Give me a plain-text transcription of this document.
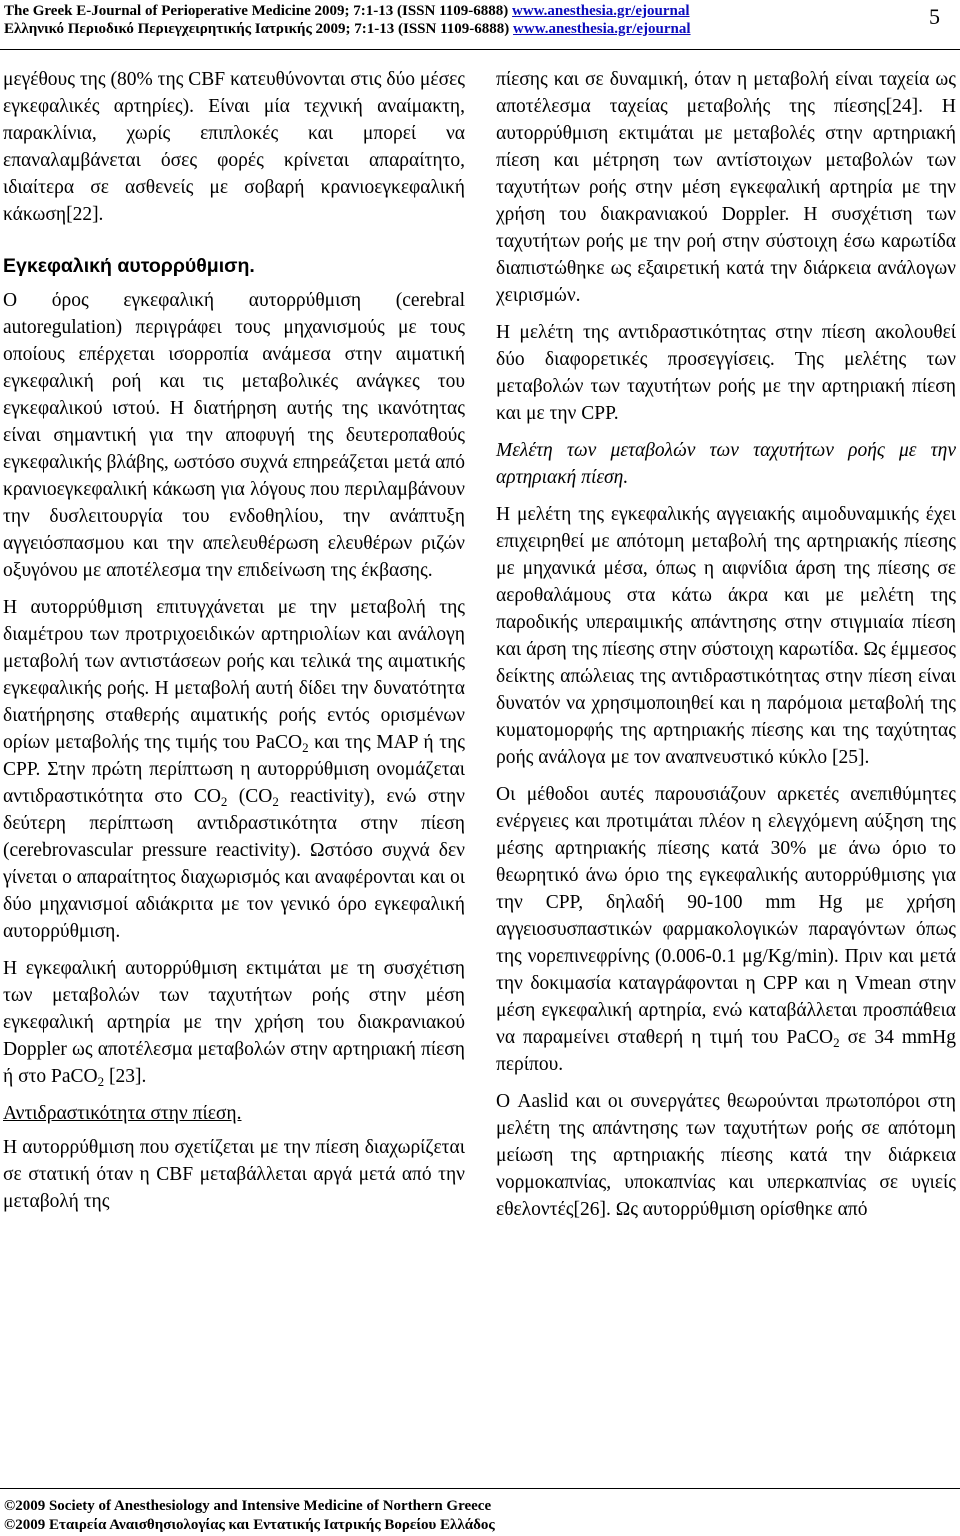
The Greek E-Journal of Perioperative Medicine 2009; 7:1-13 (ISSN 1109-6888) www.anesthesia.gr/ejournal
Ελληνικό Περιοδικό Περιεγχειρητικής Ιατρικής 2009; 7:1-13 (ISSN 1109-6888) www.anesthesia.gr/ejournal	5

μεγέθους της (80% της CBF κατευθύνονται στις δύο μέσες εγκεφαλικές αρτηρίες). Είναι μία τεχνική αναίμακτη, παρακλίνια, χωρίς επιπλοκές και μπορεί να επαναλαμβάνεται όσες φορές κρίνεται απαραίτητο, ιδιαίτερα σε ασθενείς με σοβαρή κρανιοεγκεφαλική κάκωση[22].

Εγκεφαλική αυτορρύθμιση.

Ο όρος εγκεφαλική αυτορρύθμιση (cerebral autoregulation) περιγράφει τους μηχανισμούς με τους οποίους επέρχεται ισορροπία ανάμεσα στην αιματική εγκεφαλική ροή και τις μεταβολικές ανάγκες του εγκεφαλικού ιστού. Η διατήρηση αυτής της ικανότητας είναι σημαντική για την αποφυγή της δευτεροπαθούς εγκεφαλικής βλάβης, ωστόσο συχνά επηρεάζεται μετά από κρανιοεγκεφαλική κάκωση για λόγους που περιλαμβάνουν την δυσλειτουργία του ενδοθηλίου, την ανάπτυξη αγγειόσπασμου και την απελευθέρωση ελευθέρων ριζών οξυγόνου με αποτέλεσμα την επιδείνωση της έκβασης.

Η αυτορρύθμιση επιτυγχάνεται με την μεταβολή της διαμέτρου των προτριχοειδικών αρτηριολίων και ανάλογη μεταβολή των αντιστάσεων ροής και τελικά της αιματικής εγκεφαλικής ροής. Η μεταβολή αυτή δίδει την δυνατότητα διατήρησης σταθερής αιματικής ροής εντός ορισμένων ορίων μεταβολής της τιμής του PaCO$_2$ και της MAP ή της CPP. Στην πρώτη περίπτωση η αυτορρύθμιση ονομάζεται αντιδραστικότητα στο $CO_2$ ($CO_2$ reactivity), ενώ στην δεύτερη περίπτωση αντιδραστικότητα στην πίεση (cerebrovascular pressure reactivity). Ωστόσο συχνά δεν γίνεται ο απαραίτητος διαχωρισμός και αναφέρονται και οι δύο μηχανισμοί αδιάκριτα με τον γενικό όρο εγκεφαλική αυτορρύθμιση.

Η εγκεφαλική αυτορρύθμιση εκτιμάται με τη συσχέτιση των μεταβολών των ταχυτήτων ροής στην μέση εγκεφαλική αρτηρία με την χρήση του διακρανιακού Doppler ως αποτέλεσμα μεταβολών στην αρτηριακή πίεση ή στο PaCO$_2$ [23].

Αντιδραστικότητα στην πίεση.

Η αυτορρύθμιση που σχετίζεται με την πίεση διαχωρίζεται σε στατική όταν η CBF μεταβάλλεται αργά μετά από την μεταβολή της

πίεσης και σε δυναμική, όταν η μεταβολή είναι ταχεία ως αποτέλεσμα ταχείας μεταβολής της πίεσης[24]. Η αυτορρύθμιση εκτιμάται με μεταβολές στην αρτηριακή πίεση και μέτρηση των αντίστοιχων μεταβολών των ταχυτήτων ροής στην μέση εγκεφαλική αρτηρία με την χρήση του διακρανιακού Doppler. Η συσχέτιση των ταχυτήτων ροής με την ροή στην σύστοιχη έσω καρωτίδα διαπιστώθηκε ως εξαιρετική κατά την διάρκεια ανάλογων χειρισμών.

Η μελέτη της αντιδραστικότητας στην πίεση ακολουθεί δύο διαφορετικές προσεγγίσεις. Της μελέτης των μεταβολών των ταχυτήτων ροής με την αρτηριακή πίεση και με την CPP.

Μελέτη των μεταβολών των ταχυτήτων ροής με την αρτηριακή πίεση.

Η μελέτη της εγκεφαλικής αγγειακής αιμοδυναμικής έχει επιχειρηθεί με απότομη μεταβολή της αρτηριακής πίεσης με μηχανικά μέσα, όπως η αιφνίδια άρση της πίεσης σε αεροθαλάμους στα κάτω άκρα και με μελέτη της παροδικής υπεραιμικής απάντησης στην στιγμιαία πίεση και άρση της πίεσης στην σύστοιχη καρωτίδα. Ως έμμεσος δείκτης απώλειας της αντιδραστικότητας στην πίεση είναι δυνατόν να χρησιμοποιηθεί και η παρόμοια μεταβολή της κυματομορφής της αρτηριακής πίεσης και της ταχύτητας ροής ανάλογα με τον αναπνευστικό κύκλο [25].

Οι μέθοδοι αυτές παρουσιάζουν αρκετές ανεπιθύμητες ενέργειες και προτιμάται πλέον η ελεγχόμενη αύξηση της μέσης αρτηριακής πίεσης κατά 30% με άνω όριο το θεωρητικό άνω όριο της εγκεφαλικής αυτορρύθμισης για την CPP, δηλαδή 90-100 mm Hg με χρήση αγγειοσυσπαστικών φαρμακολογικών παραγόντων όπως της νορεπινεφρίνης (0.006-0.1 μg/Kg/min). Πριν και μετά την δοκιμασία καταγράφονται η CPP και η Vmean στην μέση εγκεφαλική αρτηρία, ενώ καταβάλλεται προσπάθεια να παραμείνει σταθερή η τιμή του PaCO$_2$ σε 34 mmHg περίπου.

Ο Aaslid και οι συνεργάτες θεωρούνται πρωτοπόροι στη μελέτη της απάντησης των ταχυτήτων ροής σε απότομη μείωση της αρτηριακής πίεσης κατά την διάρκεια νορμοκαπνίας, υποκαπνίας και υπερκαπνίας σε υγιείς εθελοντές[26]. Ως αυτορρύθμιση ορίσθηκε από

©2009 Society of Anesthesiology and Intensive Medicine of Northern Greece
©2009 Εταιρεία Αναισθησιολογίας και Εντατικής Ιατρικής Βορείου Ελλάδος
